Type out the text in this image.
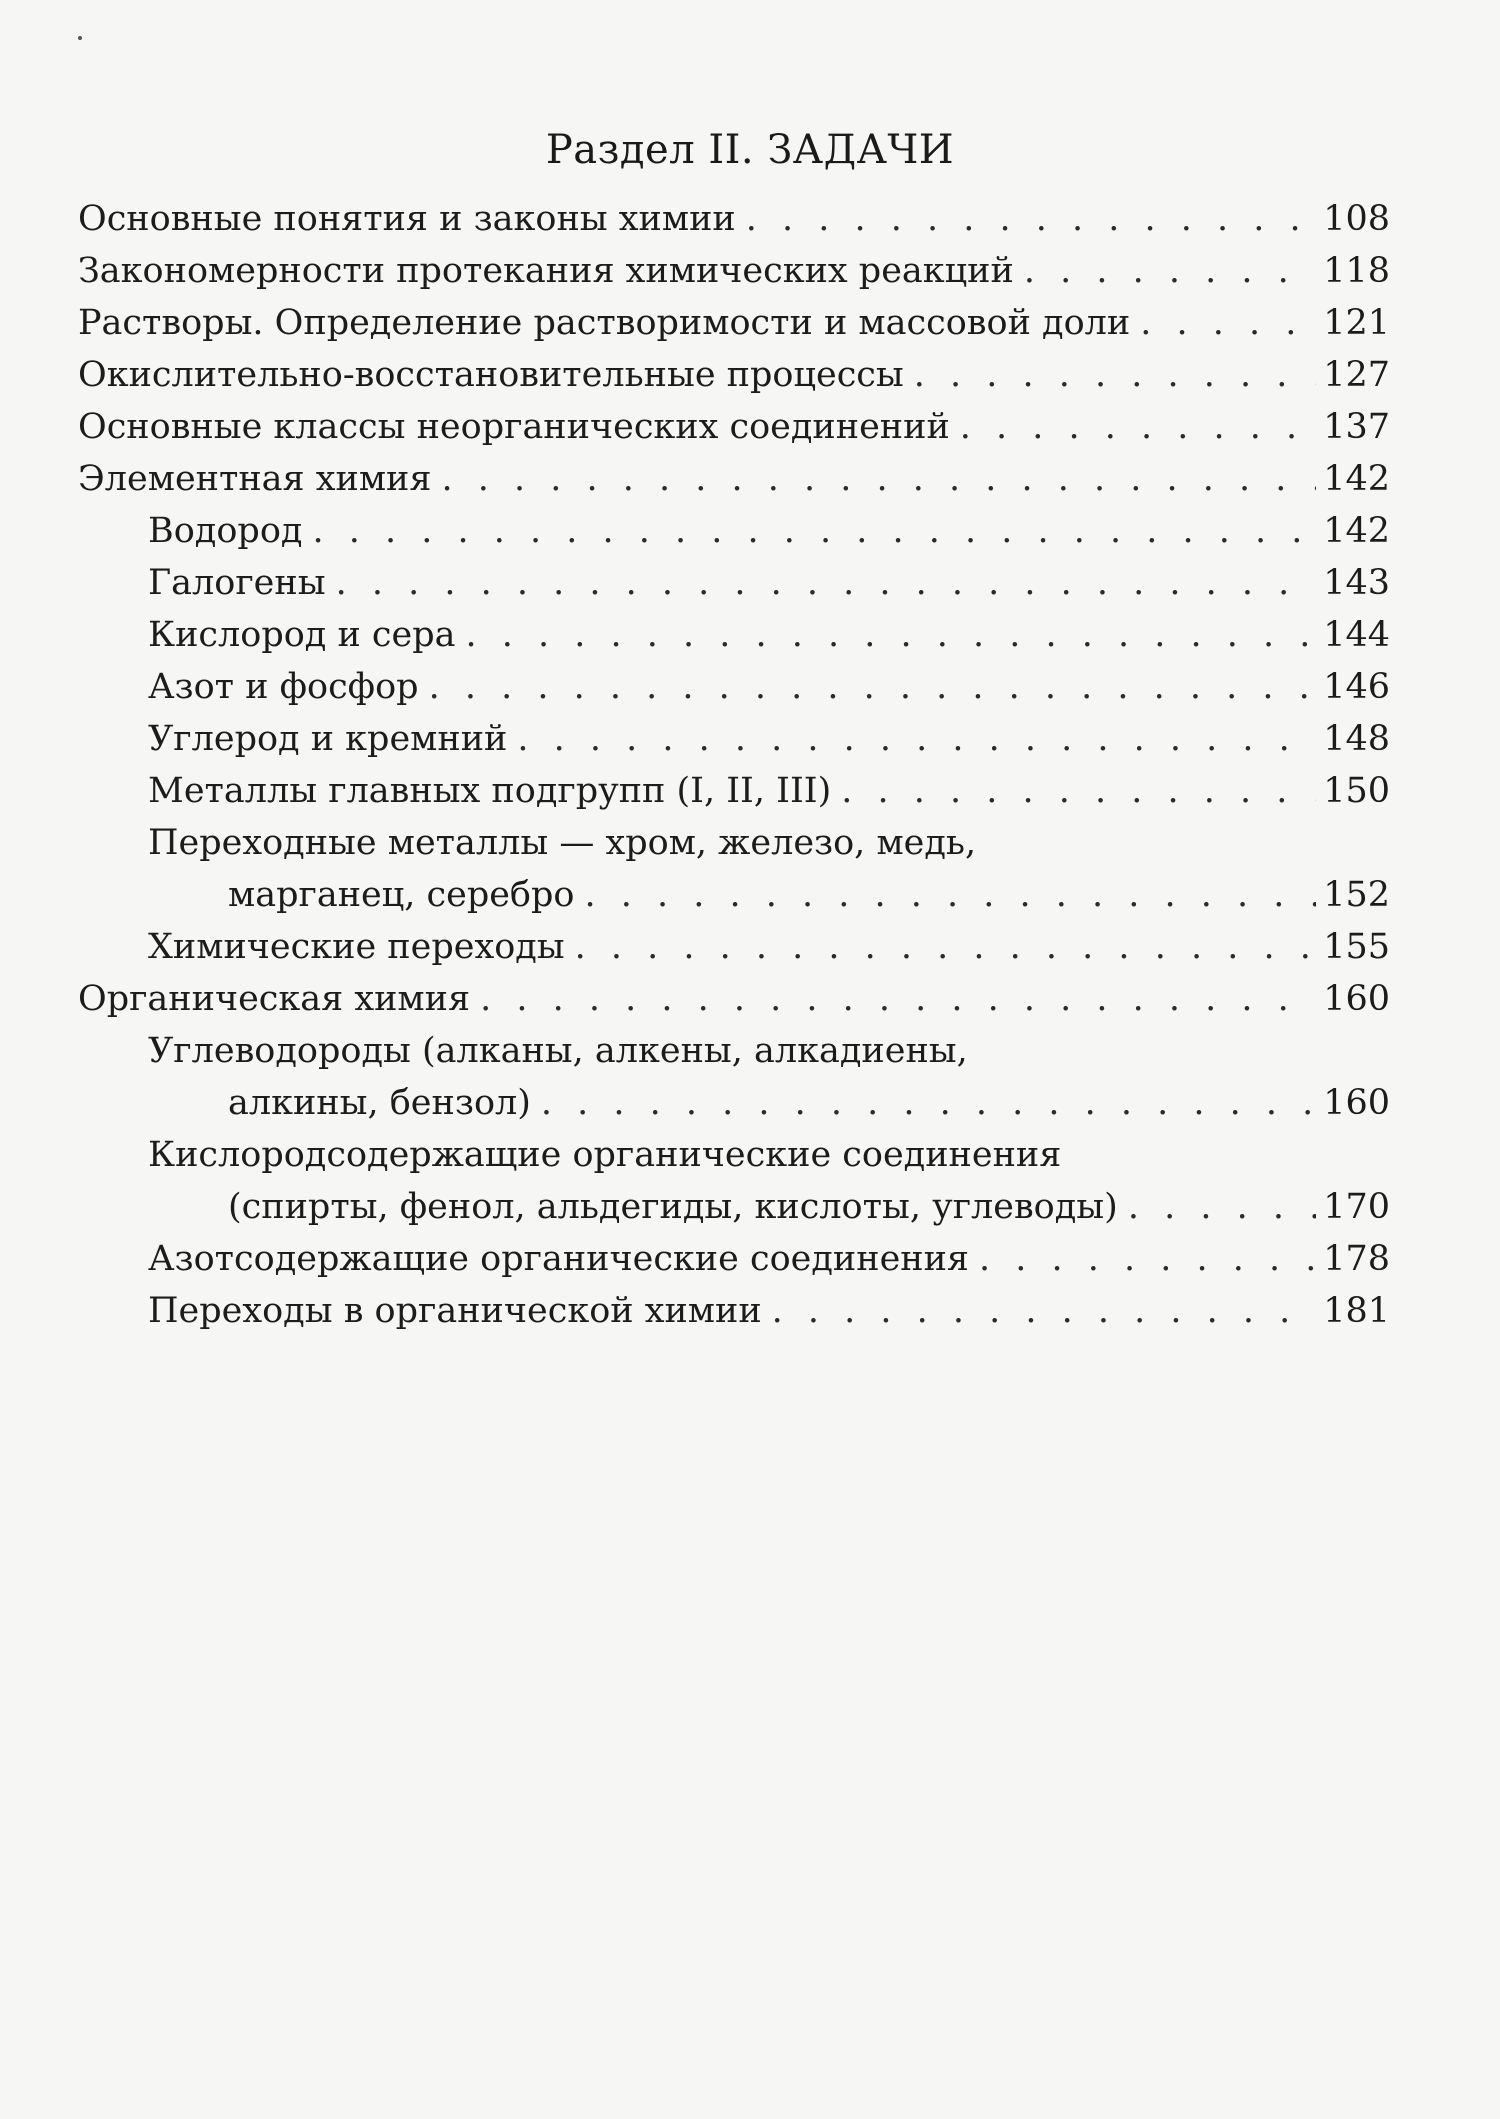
Раздел II. ЗАДАЧИ
Основные понятия и законы химии . . .	108
Закономерности протекания химических реакций . . .	118
Растворы. Определение растворимости и массовой доли . . .	121
Окислительно-восстановительные процессы . . .	127
Основные классы неорганических соединений . . .	137
Элементная химия . . .	142
Водород . . .	142
Галогены . . .	143
Кислород и сера . . .	144
Азот и фосфор . . .	146
Углерод и кремний . . .	148
Металлы главных подгрупп (I, II, III) . . .	150
Переходные металлы — хром, железо, медь,
марганец, серебро . . .	152
Химические переходы . . .	155
Органическая химия . . .	160
Углеводороды (алканы, алкены, алкадиены,
алкины, бензол) . . .	160
Кислородсодержащие органические соединения
(спирты, фенол, альдегиды, кислоты, углеводы) . . .	170
Азотсодержащие органические соединения . . .	178
Переходы в органической химии . . .	181
